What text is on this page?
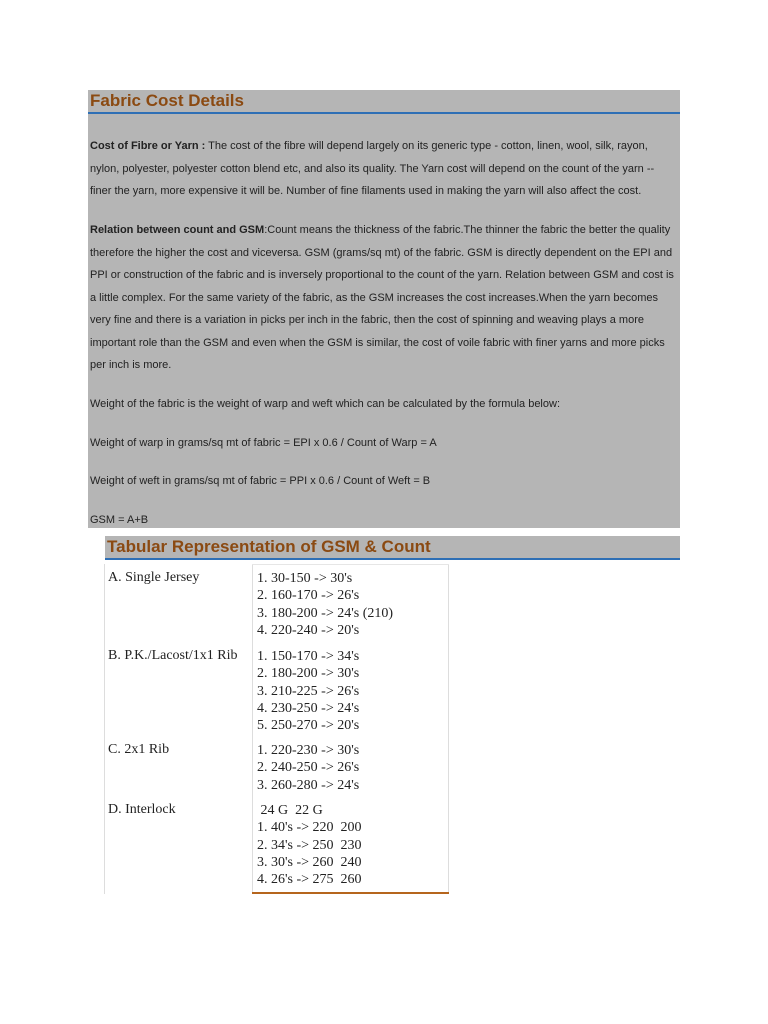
Fabric Cost Details
Cost of Fibre or Yarn : The cost of the fibre will depend largely on its generic type - cotton, linen, wool, silk, rayon, nylon, polyester, polyester cotton blend etc, and also its quality. The Yarn cost will depend on the count of the yarn -- finer the yarn, more expensive it will be. Number of fine filaments used in making the yarn will also affect the cost.
Relation between count and GSM:Count means the thickness of the fabric.The thinner the fabric the better the quality therefore the higher the cost and viceversa. GSM (grams/sq mt) of the fabric. GSM is directly dependent on the EPI and PPI or construction of the fabric and is inversely proportional to the count of the yarn. Relation between GSM and cost is a little complex. For the same variety of the fabric, as the GSM increases the cost increases.When the yarn becomes very fine and there is a variation in picks per inch in the fabric, then the cost of spinning and weaving plays a more important role than the GSM and even when the GSM is similar, the cost of voile fabric with finer yarns and more picks per inch is more.
Weight of the fabric is the weight of warp and weft which can be calculated by the formula below:
Weight of warp in grams/sq mt of fabric = EPI x 0.6 / Count of Warp = A
Weight of weft in grams/sq mt of fabric = PPI x 0.6 / Count of Weft = B
GSM = A+B
Tabular Representation of GSM & Count
A. Single Jersey	1. 30-150 -> 30's
2. 160-170 -> 26's
3. 180-200 -> 24's (210)
4. 220-240 -> 20's
B. P.K./Lacost/1x1 Rib 1. 150-170 -> 34's
2. 180-200 -> 30's
3. 210-225 -> 26's
4. 230-250 -> 24's
5. 250-270 -> 20's
C. 2x1 Rib	1. 220-230 -> 30's
2. 240-250 -> 26's
3. 260-280 -> 24's
D. Interlock	24 G  22 G
1. 40's -> 220  200
2. 34's -> 250  230
3. 30's -> 260  240
4. 26's -> 275  260
